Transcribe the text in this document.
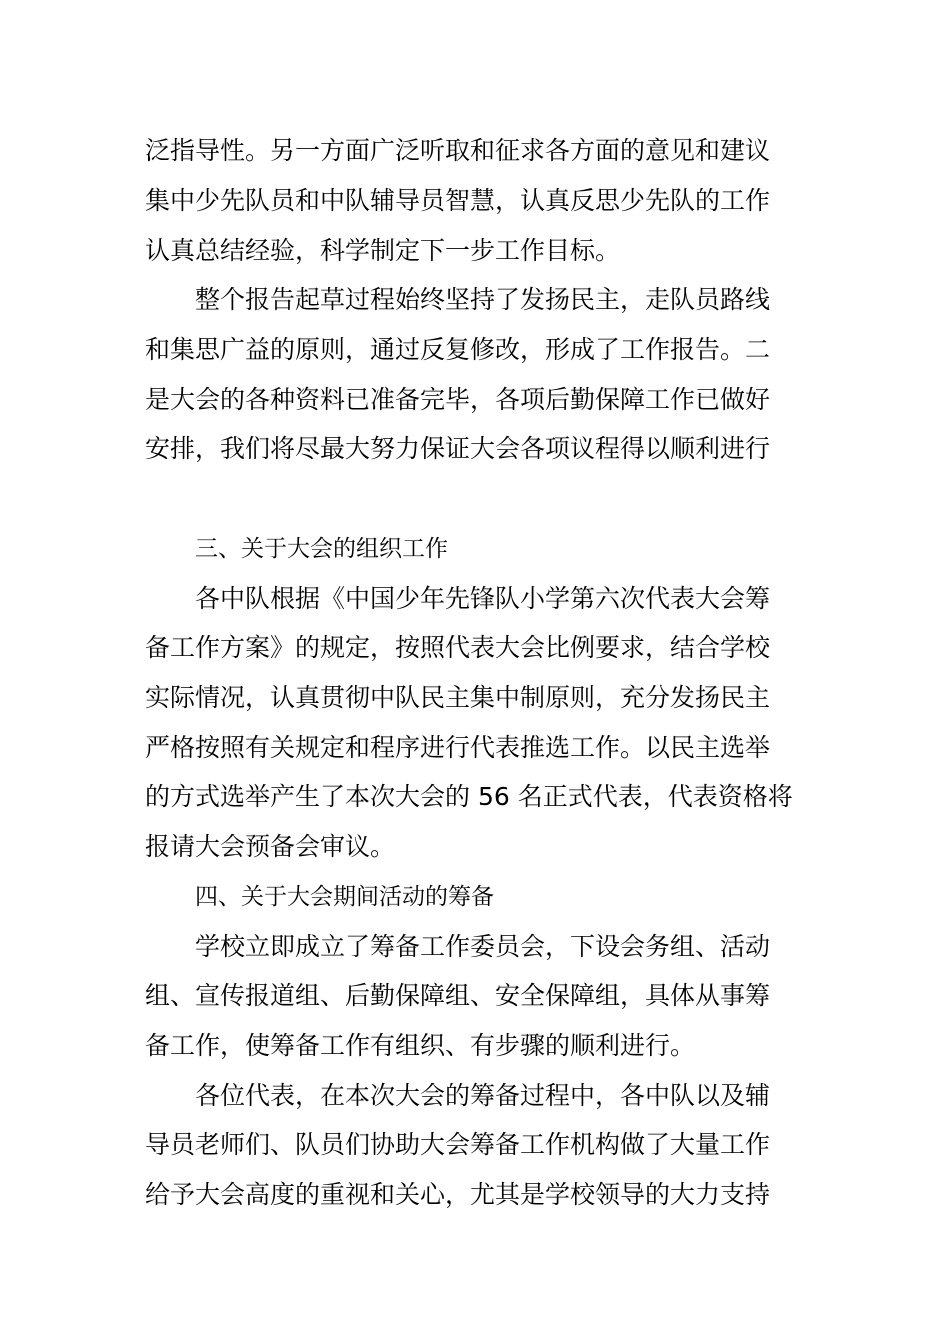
泛指导性。另一方面广泛听取和征求各方面的意见和建议
集中少先队员和中队辅导员智慧，认真反思少先队的工作
认真总结经验，科学制定下一步工作目标。
整个报告起草过程始终坚持了发扬民主，走队员路线
和集思广益的原则，通过反复修改，形成了工作报告。二
是大会的各种资料已准备完毕，各项后勤保障工作已做好
安排，我们将尽最大努力保证大会各项议程得以顺利进行
三、关于大会的组织工作
各中队根据《中国少年先锋队小学第六次代表大会筹
备工作方案》的规定，按照代表大会比例要求，结合学校
实际情况，认真贯彻中队民主集中制原则，充分发扬民主
严格按照有关规定和程序进行代表推选工作。以民主选举
的方式选举产生了本次大会的 56 名正式代表，代表资格将
报请大会预备会审议。
四、关于大会期间活动的筹备
学校立即成立了筹备工作委员会，下设会务组、活动
组、宣传报道组、后勤保障组、安全保障组，具体从事筹
备工作，使筹备工作有组织、有步骤的顺利进行。
各位代表，在本次大会的筹备过程中，各中队以及辅
导员老师们、队员们协助大会筹备工作机构做了大量工作
给予大会高度的重视和关心，尤其是学校领导的大力支持
